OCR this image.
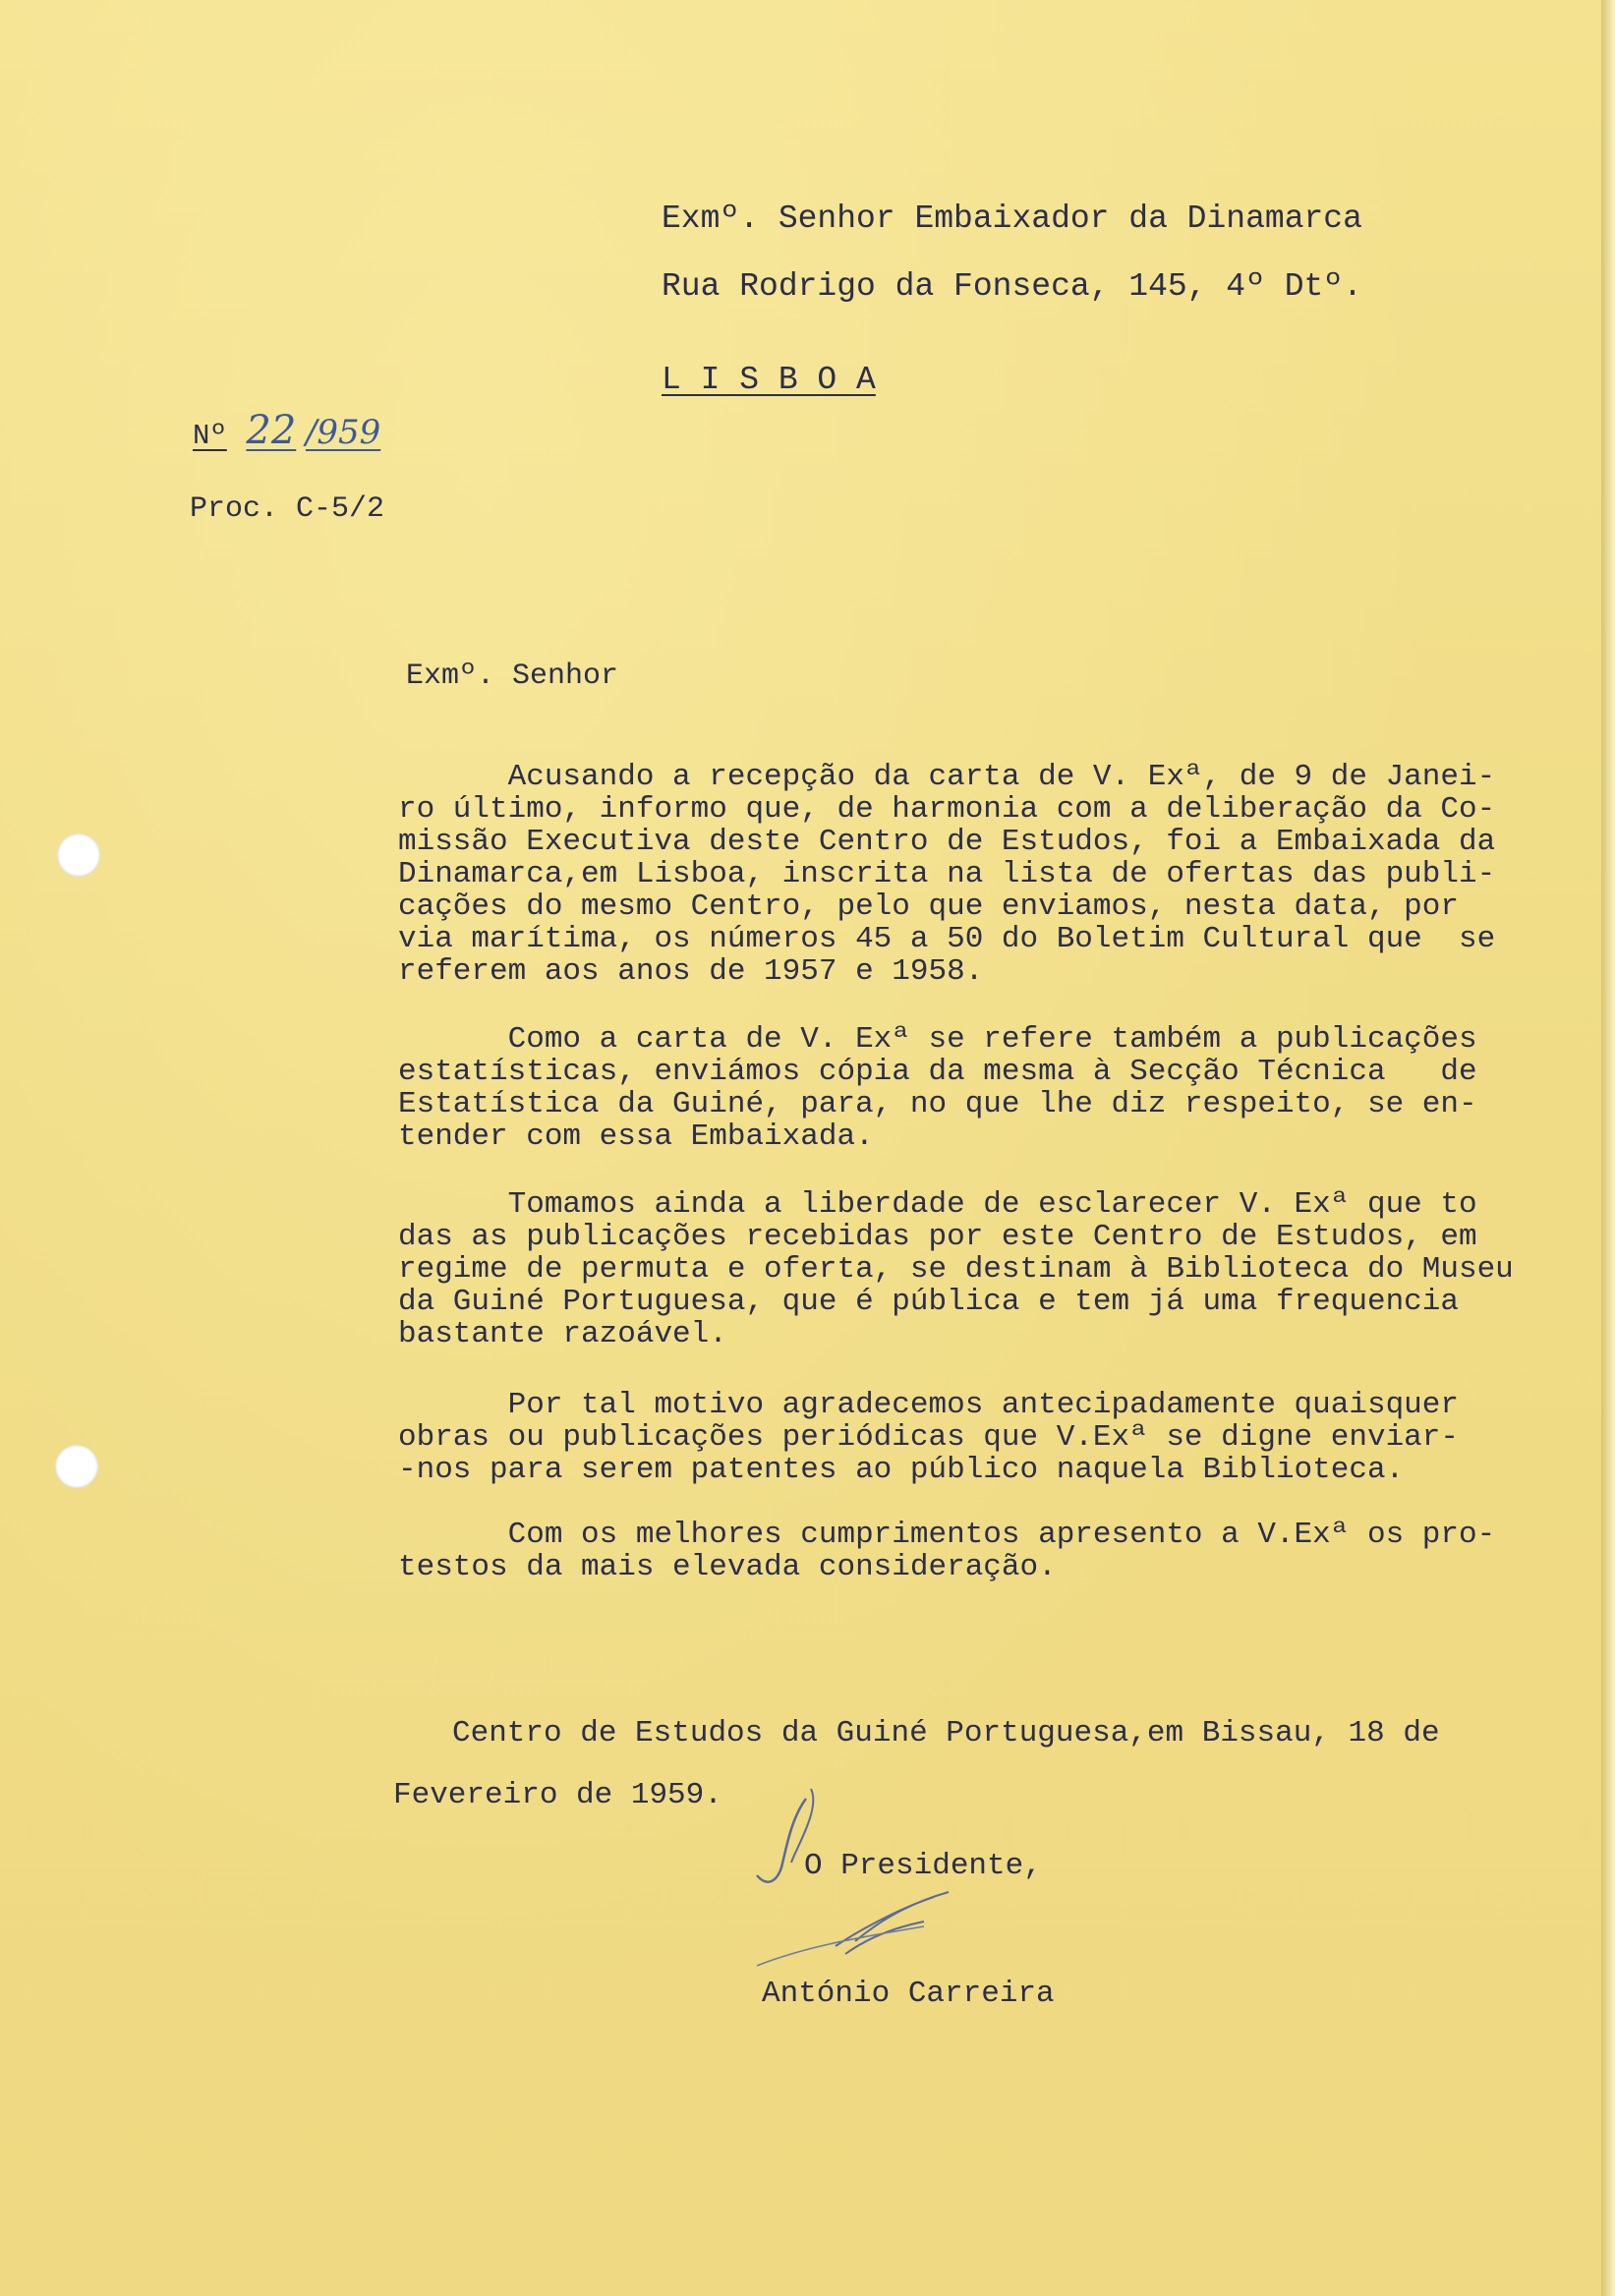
Exmº. Senhor Embaixador da Dinamarca
Rua Rodrigo da Fonseca, 145, 4º Dtº.
L I S B O A
Nº 22 /959
Proc. C-5/2
Exmº. Senhor
Acusando a recepção da carta de V. Exª, de 9 de Janei-
ro último, informo que, de harmonia com a deliberação da Co-
missão Executiva deste Centro de Estudos, foi a Embaixada da
Dinamarca,em Lisboa, inscrita na lista de ofertas das publi-
cações do mesmo Centro, pelo que enviamos, nesta data, por
via marítima, os números 45 a 50 do Boletim Cultural que  se
referem aos anos de 1957 e 1958.
Como a carta de V. Exª se refere também a publicações
estatísticas, enviámos cópia da mesma à Secção Técnica   de
Estatística da Guiné, para, no que lhe diz respeito, se en-
tender com essa Embaixada.
Tomamos ainda a liberdade de esclarecer V. Exª que to
das as publicações recebidas por este Centro de Estudos, em
regime de permuta e oferta, se destinam à Biblioteca do Museu
da Guiné Portuguesa, que é pública e tem já uma frequencia
bastante razoável.
Por tal motivo agradecemos antecipadamente quaisquer
obras ou publicações periódicas que V.Exª se digne enviar-
-nos para serem patentes ao público naquela Biblioteca.
Com os melhores cumprimentos apresento a V.Exª os pro-
testos da mais elevada consideração.
Centro de Estudos da Guiné Portuguesa,em Bissau, 18 de
Fevereiro de 1959.
O Presidente,
António Carreira
